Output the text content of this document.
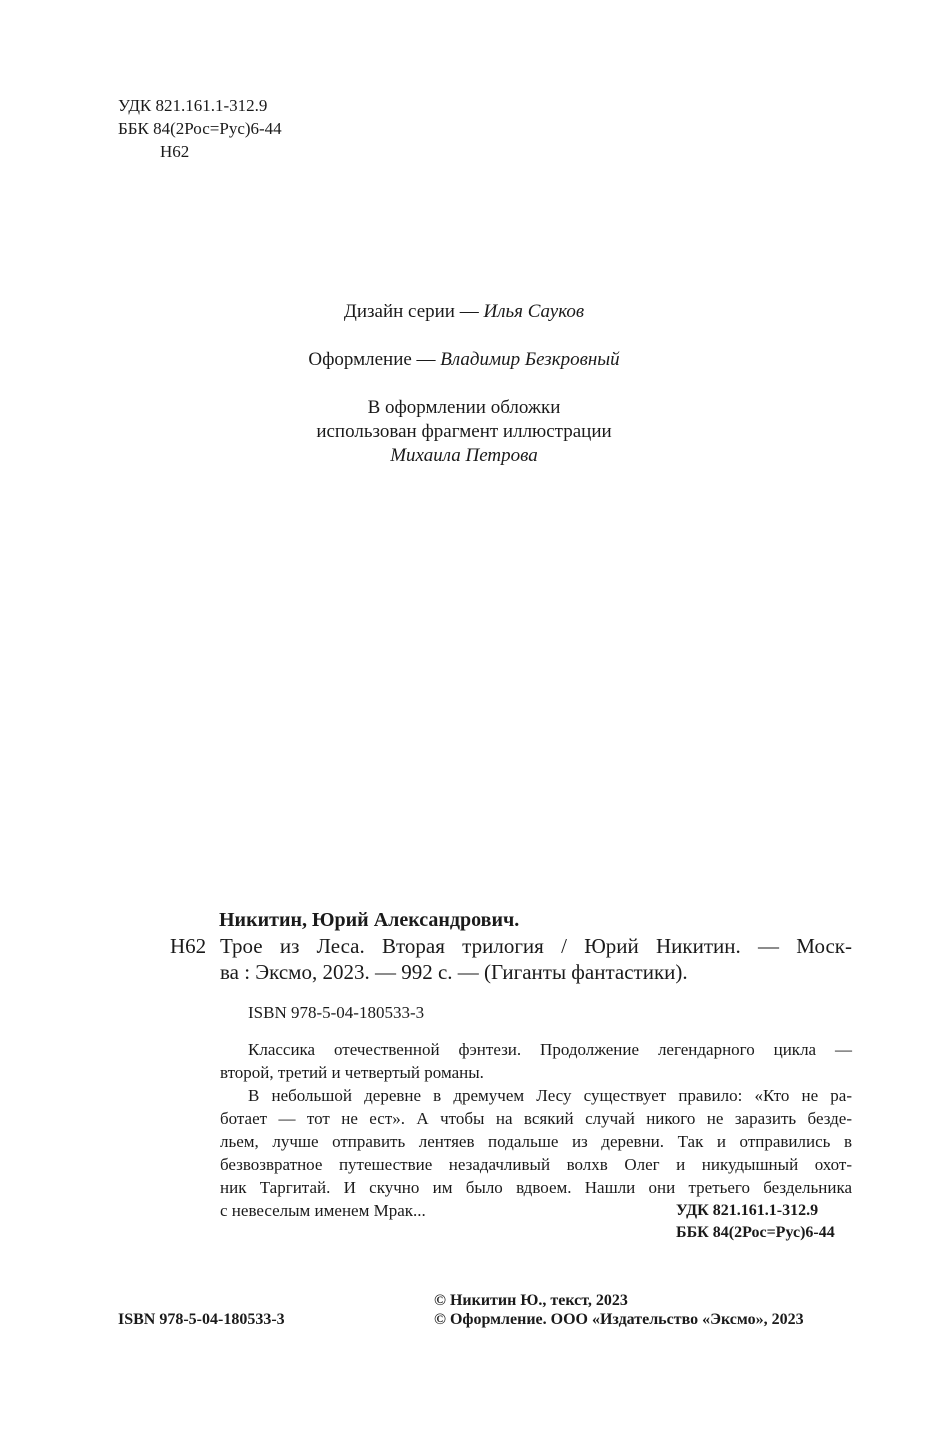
УДК 821.161.1-312.9
ББК 84(2Рос=Рус)6-44
Н62
Дизайн серии — Илья Сауков
Оформление — Владимир Безкровный
В оформлении обложки
использован фрагмент иллюстрации
Михаила Петрова
Никитин, Юрий Александрович.
Н62 Трое из Леса. Вторая трилогия / Юрий Никитин. — Моск-
ва : Эксмо, 2023. — 992 с. — (Гиганты фантастики).
ISBN 978-5-04-180533-3
Классика отечественной фэнтези. Продолжение легендарного цикла —
второй, третий и четвертый романы.
В небольшой деревне в дремучем Лесу существует правило: «Кто не ра-
ботает — тот не ест». А чтобы на всякий случай никого не заразить безде-
льем, лучше отправить лентяев подальше из деревни. Так и отправились в
безвозвратное путешествие незадачливый волхв Олег и никудышный охот-
ник Таргитай. И скучно им было вдвоем. Нашли они третьего бездельника
с невеселым именем Мрак...	УДК 821.161.1-312.9
ББК 84(2Рос=Рус)6-44
ISBN 978-5-04-180533-3
© Никитин Ю., текст, 2023
© Оформление. ООО «Издательство «Эксмо», 2023
